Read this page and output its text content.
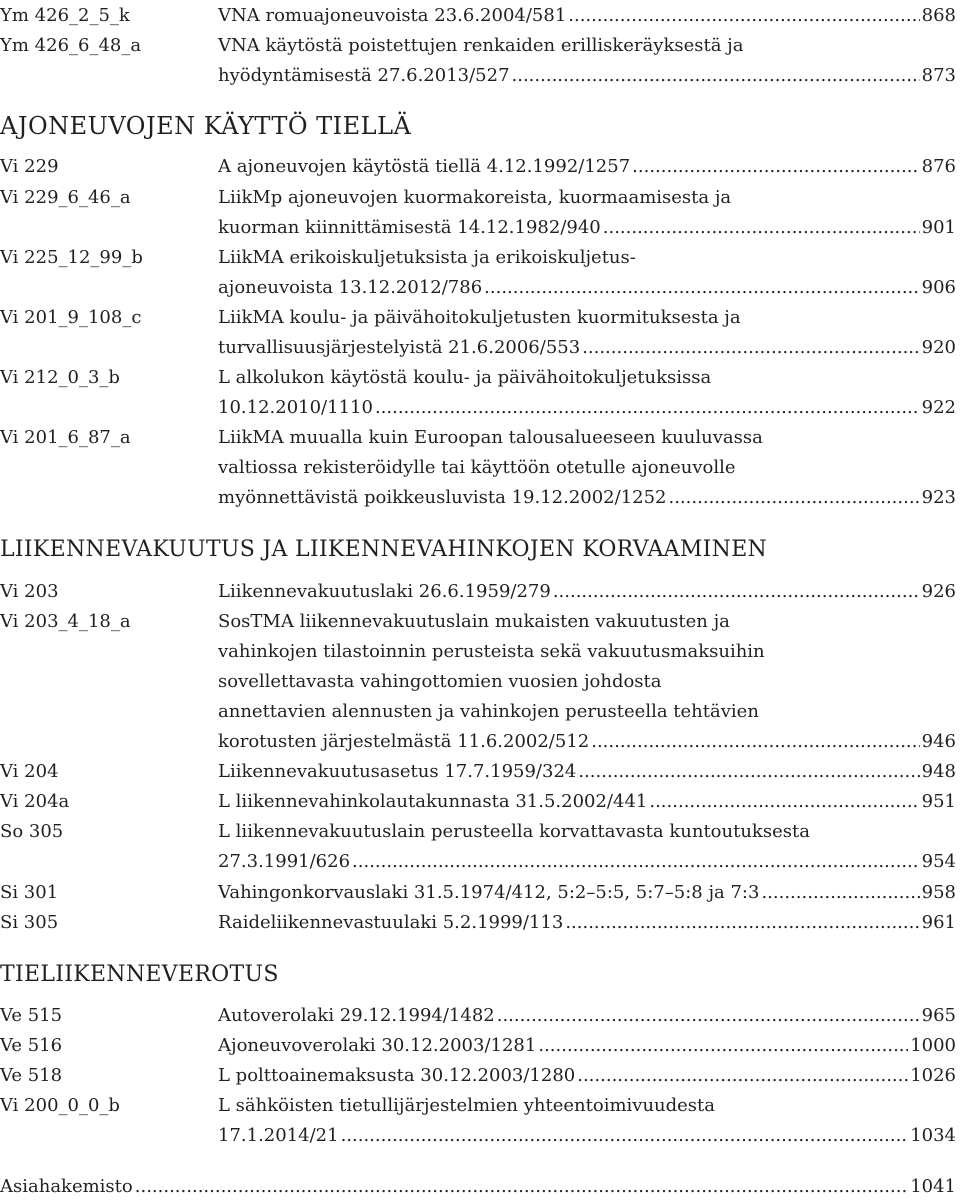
Ym 426_2_5_k	VNA romuajoneuvoista 23.6.2004/581 .....	868
Ym 426_6_48_a	VNA käytöstä poistettujen renkaiden erilliskeräyksestä ja
hyödyntämisestä 27.6.2013/527 .....	873
AJONEUVOJEN KÄYTTÖ TIELLÄ
Vi 229	A ajoneuvojen käytöstä tiellä 4.12.1992/1257 .....	876
Vi 229_6_46_a	LiikMp ajoneuvojen kuormakoreista, kuormaamisesta ja
kuorman kiinnittämisestä 14.12.1982/940 .....	901
Vi 225_12_99_b	LiikMA erikoiskuljetuksista ja erikoiskuljetus-
ajoneuvoista 13.12.2012/786 .....	906
Vi 201_9_108_c	LiikMA koulu- ja päivähoitokuljetusten kuormituksesta ja
turvallisuusjärjestelyistä 21.6.2006/553 .....	920
Vi 212_0_3_b	L alkolukon käytöstä koulu- ja päivähoitokuljetuksissa
10.12.2010/1110 .....	922
Vi 201_6_87_a	LiikMA muualla kuin Euroopan talousalueeseen kuuluvassa
valtiossa rekisteröidylle tai käyttöön otetulle ajoneuvolle
myönnettävistä poikkeusluvista 19.12.2002/1252 .....	923
LIIKENNEVAKUUTUS JA LIIKENNEVAHINKOJEN KORVAAMINEN
Vi 203	Liikennevakuutuslaki 26.6.1959/279 .....	926
Vi 203_4_18_a	SosTMA liikennevakuutuslain mukaisten vakuutusten ja
vahinkojen tilastoinnin perusteista sekä vakuutusmaksuihin
sovellettavasta vahingottomien vuosien johdosta
annettavien alennusten ja vahinkojen perusteella tehtävien
korotusten järjestelmästä 11.6.2002/512 .....	946
Vi 204	Liikennevakuutusasetus 17.7.1959/324 .....	948
Vi 204a	L liikennevahinkolautakunnasta 31.5.2002/441 .....	951
So 305	L liikennevakuutuslain perusteella korvattavasta kuntoutuksesta
27.3.1991/626 .....	954
Si 301	Vahingonkorvauslaki 31.5.1974/412, 5:2–5:5, 5:7–5:8 ja 7:3 .....	958
Si 305	Raideliikennevastuulaki 5.2.1999/113 .....	961
TIELIIKENNEVEROTUS
Ve 515	Autoverolaki 29.12.1994/1482 .....	965
Ve 516	Ajoneuvoverolaki 30.12.2003/1281 .....	1000
Ve 518	L polttoainemaksusta 30.12.2003/1280 .....	1026
Vi 200_0_0_b	L sähköisten tietullijärjestelmien yhteentoimivuudesta
17.1.2014/21 .....	1034
Asiahakemisto .....	1041
